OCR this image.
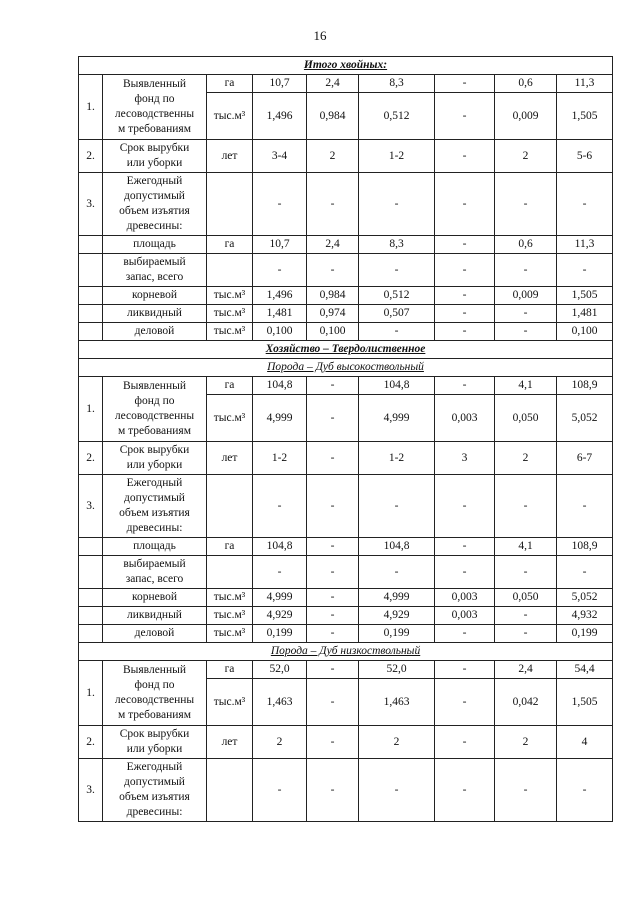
16
Итого хвойных:								
1.	Выявленный
фонд по
лесоводственны
м требованиям	га	10,7	2,4	8,3	-	0,6	11,3
		тыс.м³	1,496	0,984	0,512	-	0,009	1,505
2.	Срок вырубки
или уборки	лет	3-4	2	1-2	-	2	5-6
3.	Ежегодный
допустимый
объем изъятия
древесины:		-	-	-	-	-	-

	площадь	га	10,7	2,4	8,3	-	0,6	11,3

	выбираемый
запас, всего		-	-	-	-	-	-

	корневой	тыс.м³	1,496	0,984	0,512	-	0,009	1,505

	ликвидный	тыс.м³	1,481	0,974	0,507	-	-	1,481

	деловой	тыс.м³	0,100	0,100	-	-	-	0,100
Хозяйство – Твердолиственное								
Порода – Дуб высокоствольный								
1.	Выявленный
фонд по
лесоводственны
м требованиям	га	104,8	-	104,8	-	4,1	108,9
		тыс.м³	4,999	-	4,999	0,003	0,050	5,052
2.	Срок вырубки
или уборки	лет	1-2	-	1-2	3	2	6-7
3.	Ежегодный
допустимый
объем изъятия
древесины:		-	-	-	-	-	-

	площадь	га	104,8	-	104,8	-	4,1	108,9

	выбираемый
запас, всего		-	-	-	-	-	-

	корневой	тыс.м³	4,999	-	4,999	0,003	0,050	5,052

	ликвидный	тыс.м³	4,929	-	4,929	0,003	-	4,932

	деловой	тыс.м³	0,199	-	0,199	-	-	0,199
Порода – Дуб низкоствольный								
1.	Выявленный
фонд по
лесоводственны
м требованиям	га	52,0	-	52,0	-	2,4	54,4
		тыс.м³	1,463	-	1,463	-	0,042	1,505
2.	Срок вырубки
или уборки	лет	2	-	2	-	2	4
3.	Ежегодный
допустимый
объем изъятия
древесины:		-	-	-	-	-	-
